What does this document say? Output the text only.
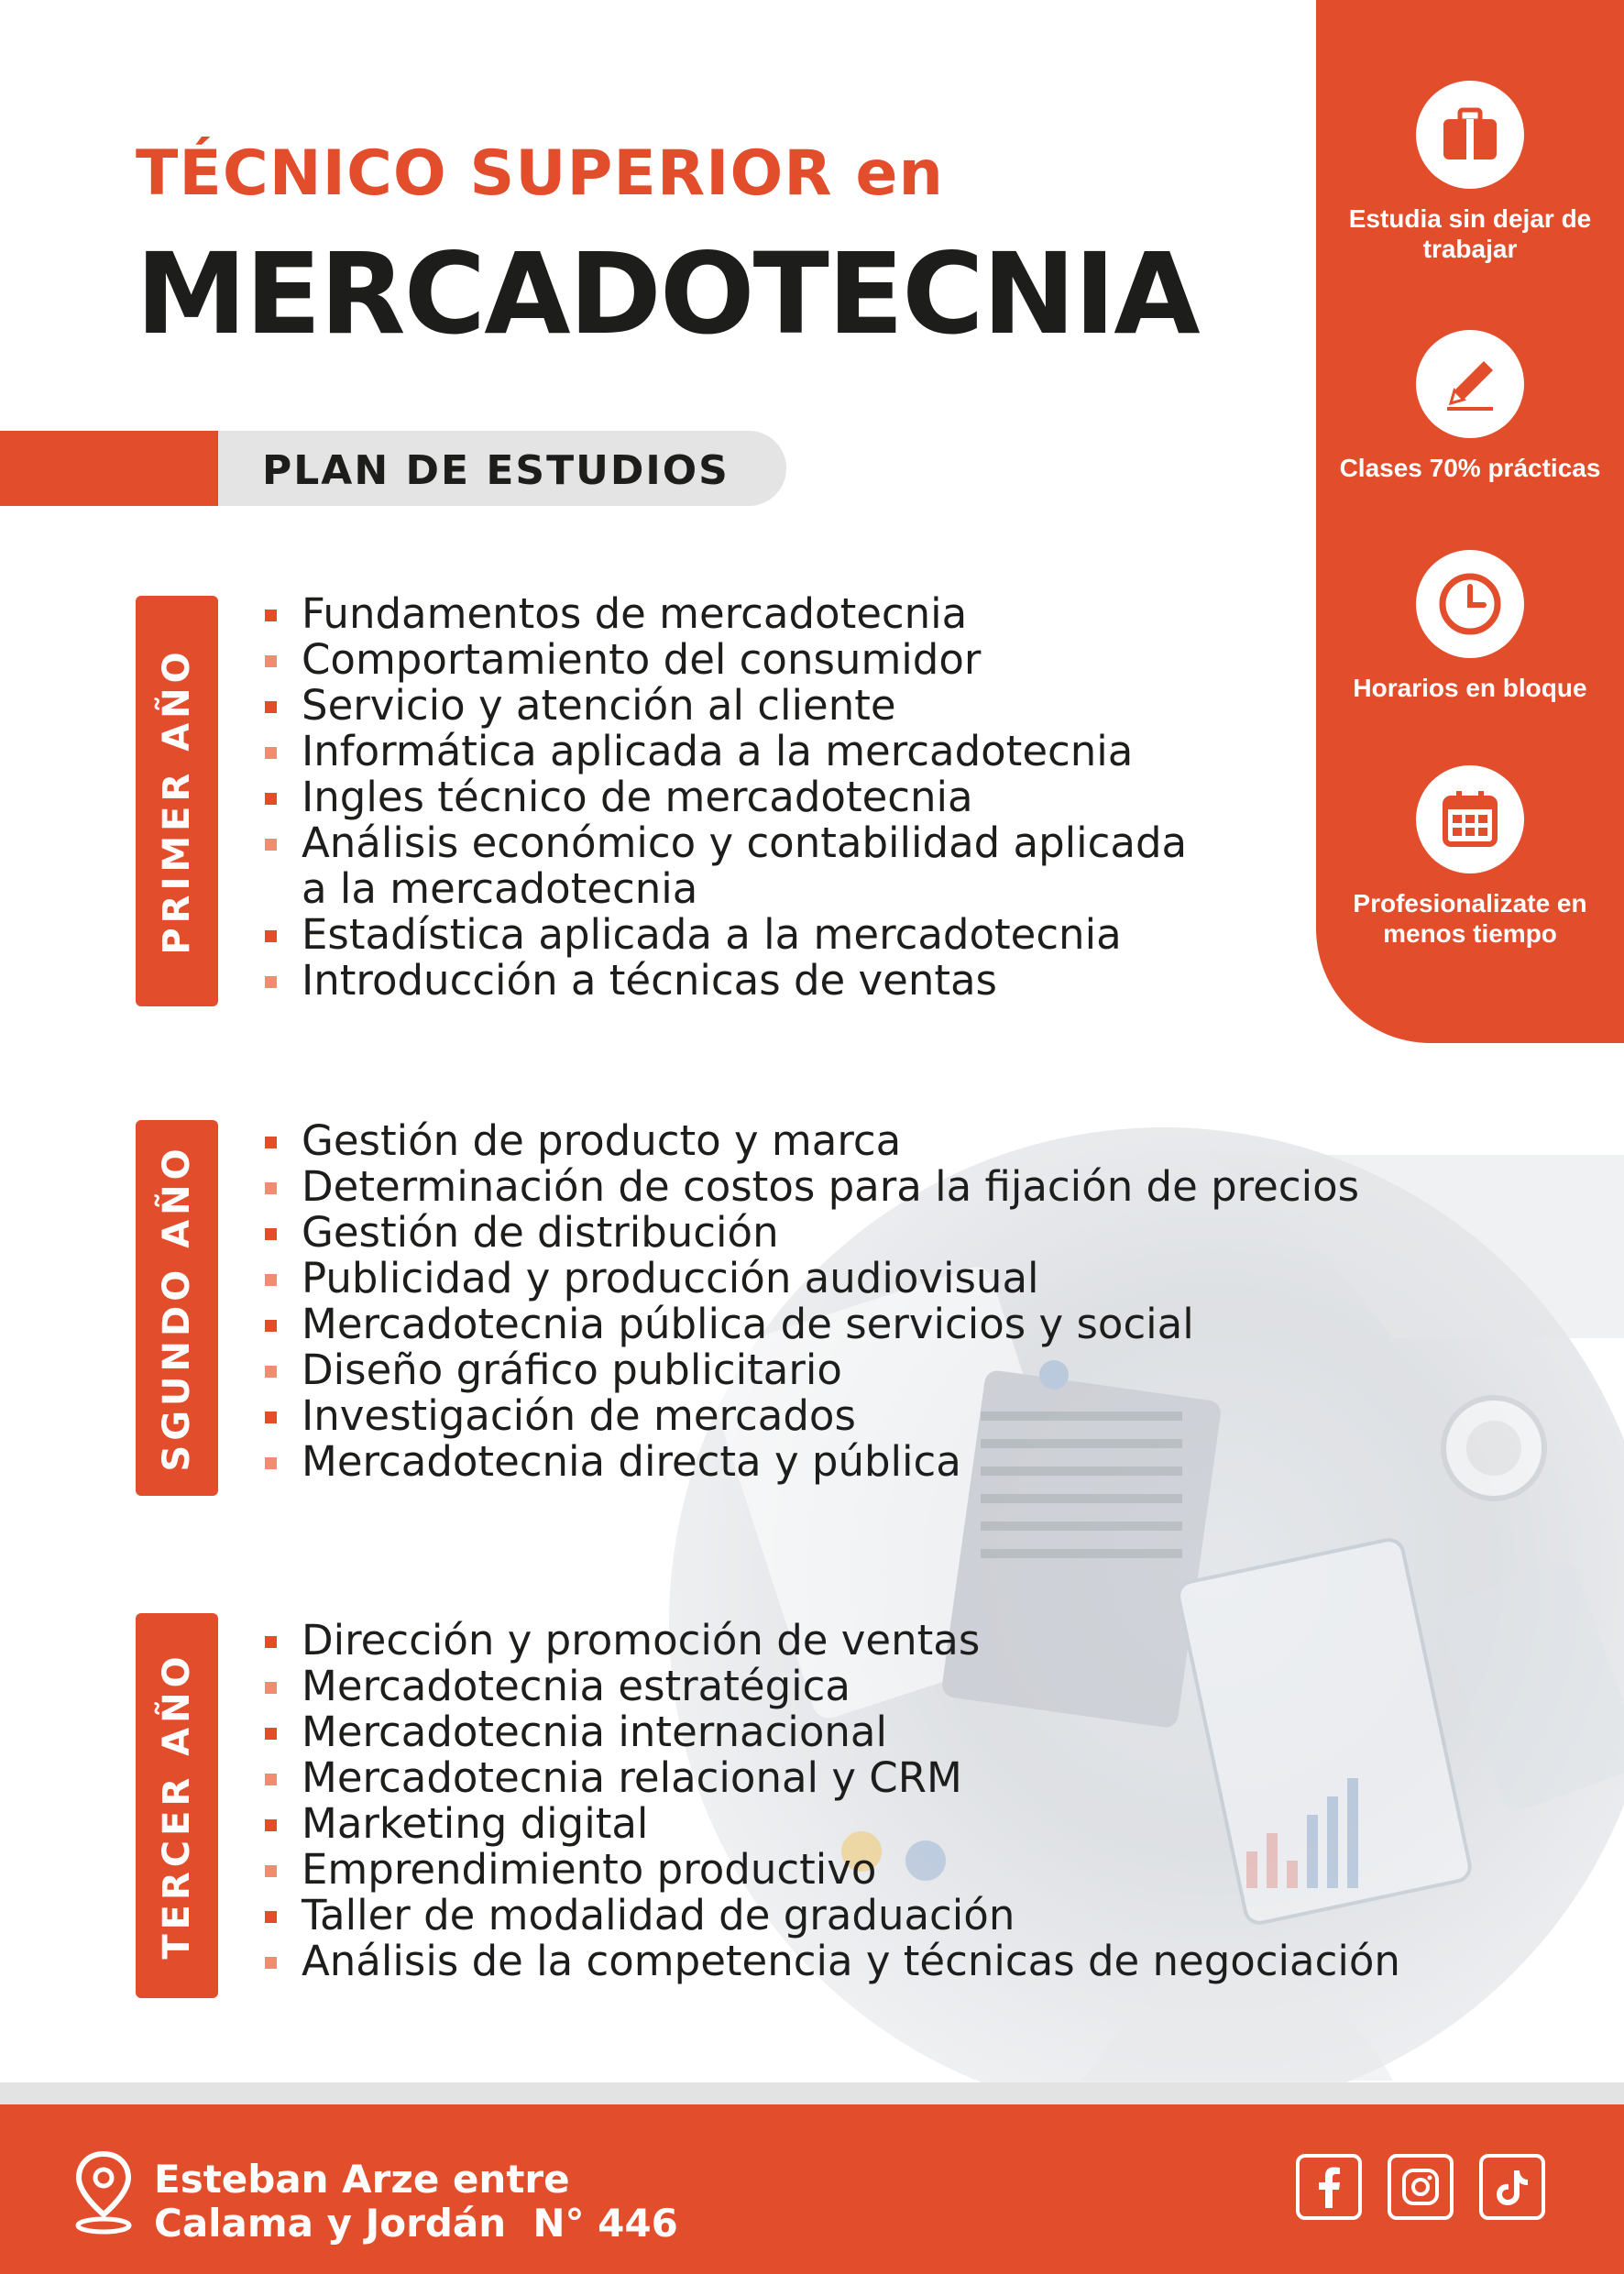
TÉCNICO SUPERIOR en
MERCADOTECNIA
PLAN DE ESTUDIOS
Estudia sin dejar de trabajar
Clases 70% prácticas
Horarios en bloque
Profesionalizate en menos tiempo
PRIMER AÑO
Fundamentos de mercadotecnia
Comportamiento del consumidor
Servicio y atención al cliente
Informática aplicada a la mercadotecnia
Ingles técnico de mercadotecnia
Análisis económico y contabilidad aplicada a la mercadotecnia
Estadística aplicada a la mercadotecnia
Introducción a técnicas de ventas
SGUNDO AÑO
Gestión de producto y marca
Determinación de costos para la fijación de precios
Gestión de distribución
Publicidad y producción audiovisual
Mercadotecnia pública de servicios y social
Diseño gráfico publicitario
Investigación de mercados
Mercadotecnia directa y pública
TERCER AÑO
Dirección y promoción de ventas
Mercadotecnia estratégica
Mercadotecnia internacional
Mercadotecnia relacional y CRM
Marketing digital
Emprendimiento productivo
Taller de modalidad de graduación
Análisis de la competencia y técnicas de negociación
Esteban Arze entre
Calama y Jordán  N° 446
